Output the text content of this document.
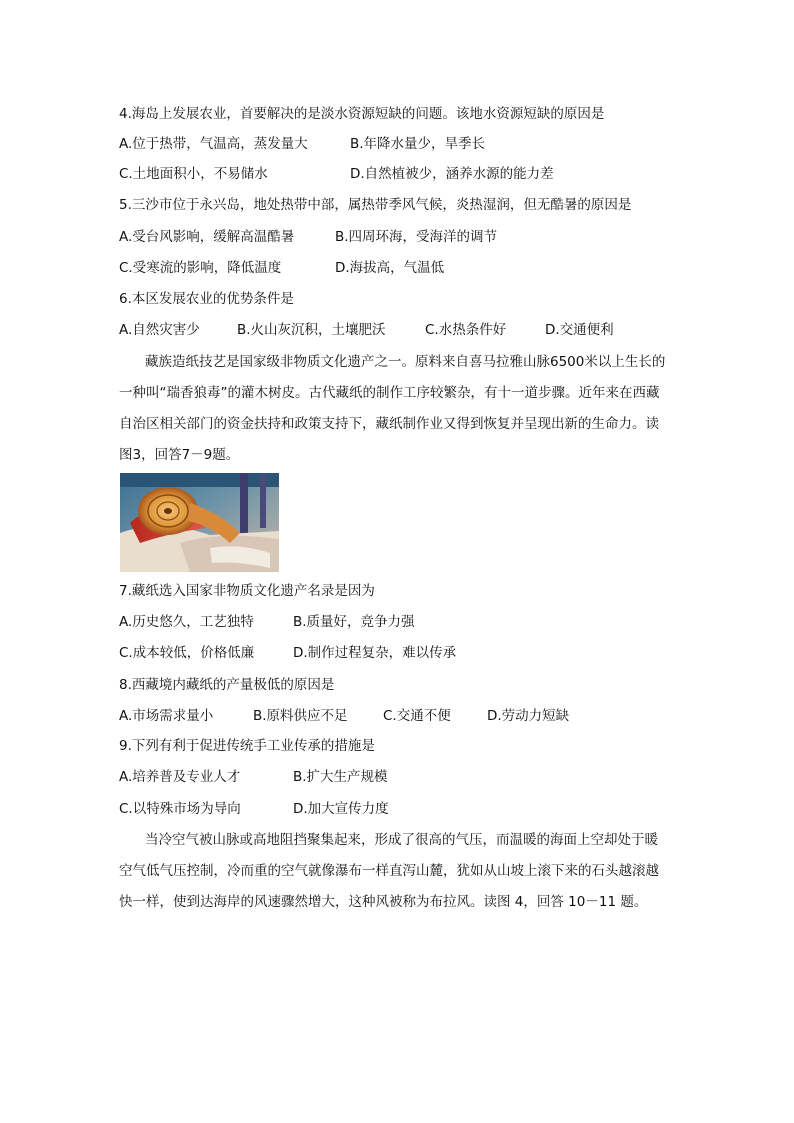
4.海岛上发展农业，首要解决的是淡水资源短缺的问题。该地水资源短缺的原因是
A.位于热带，气温高，蒸发量大	B.年降水量少，旱季长
C.土地面积小，不易储水	D.自然植被少，涵养水源的能力差
5.三沙市位于永兴岛，地处热带中部，属热带季风气候，炎热湿润，但无酷暑的原因是
A.受台风影响，缓解高温酷暑	B.四周环海，受海洋的调节
C.受寒流的影响，降低温度	D.海拔高，气温低
6.本区发展农业的优势条件是
A.自然灾害少	B.火山灰沉积，土壤肥沃	C.水热条件好	D.交通便利
藏族造纸技艺是国家级非物质文化遗产之一。原料来自喜马拉雅山脉6500米以上生长的
一种叫“瑞香狼毒”的灌木树皮。古代藏纸的制作工序较繁杂，有十一道步骤。近年来在西藏
自治区相关部门的资金扶持和政策支持下，藏纸制作业又得到恢复并呈现出新的生命力。读
图3，回答7－9题。
7.藏纸选入国家非物质文化遗产名录是因为
A.历史悠久，工艺独特	B.质量好，竞争力强
C.成本较低，价格低廉	D.制作过程复杂，难以传承
8.西藏境内藏纸的产量极低的原因是
A.市场需求量小	B.原料供应不足	C.交通不便	D.劳动力短缺
9.下列有利于促进传统手工业传承的措施是
A.培养普及专业人才	B.扩大生产规模
C.以特殊市场为导向	D.加大宣传力度
当冷空气被山脉或高地阻挡聚集起来，形成了很高的气压，而温暖的海面上空却处于暖
空气低气压控制，冷而重的空气就像瀑布一样直泻山麓，犹如从山坡上滚下来的石头越滚越
快一样，使到达海岸的风速骤然增大，这种风被称为布拉风。读图 4，回答 10－11 题。
